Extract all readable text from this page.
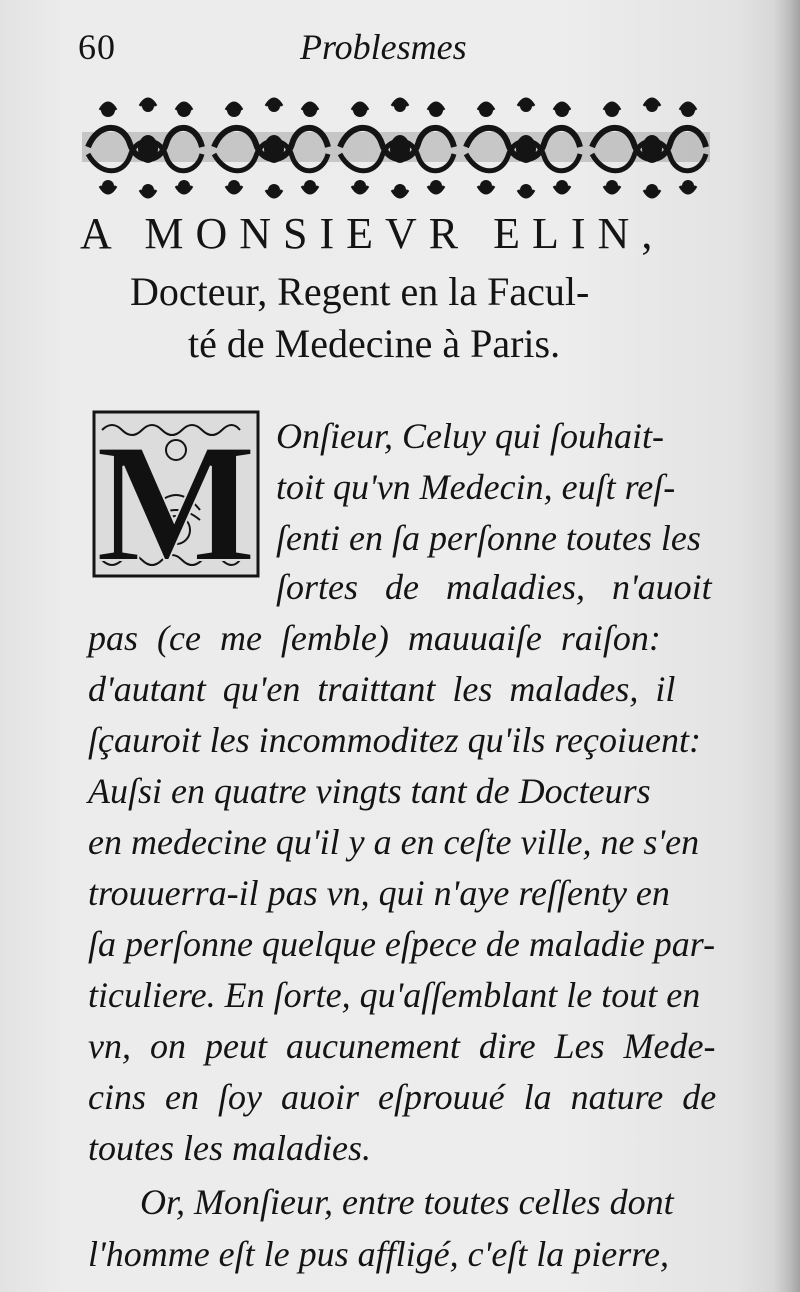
60	Problesmes
A MONSIEVR ELIN,
Docteur, Regent en la Facul-
té de Medecine à Paris.
M Onſieur, Celuy qui ſouhait-
toit qu'vn Medecin, euſt reſ-
ſenti en ſa perſonne toutes les
ſortes de maladies, n'auoit
pas (ce me ſemble) mauuaiſe raiſon:
d'autant qu'en traittant les malades, il
ſçauroit les incommoditez qu'ils reçoiuent:
Auſsi en quatre vingts tant de Docteurs
en medecine qu'il y a en ceſte ville, ne s'en
trouuerra-il pas vn, qui n'aye reſſenty en
ſa perſonne quelque eſpece de maladie par-
ticuliere. En ſorte, qu'aſſemblant le tout en
vn, on peut aucunement dire Les Mede-
cins en ſoy auoir eſprouué la nature de
toutes les maladies.
Or, Monſieur, entre toutes celles dont
l'homme eſt le pus affligé, c'eſt la pierre,
